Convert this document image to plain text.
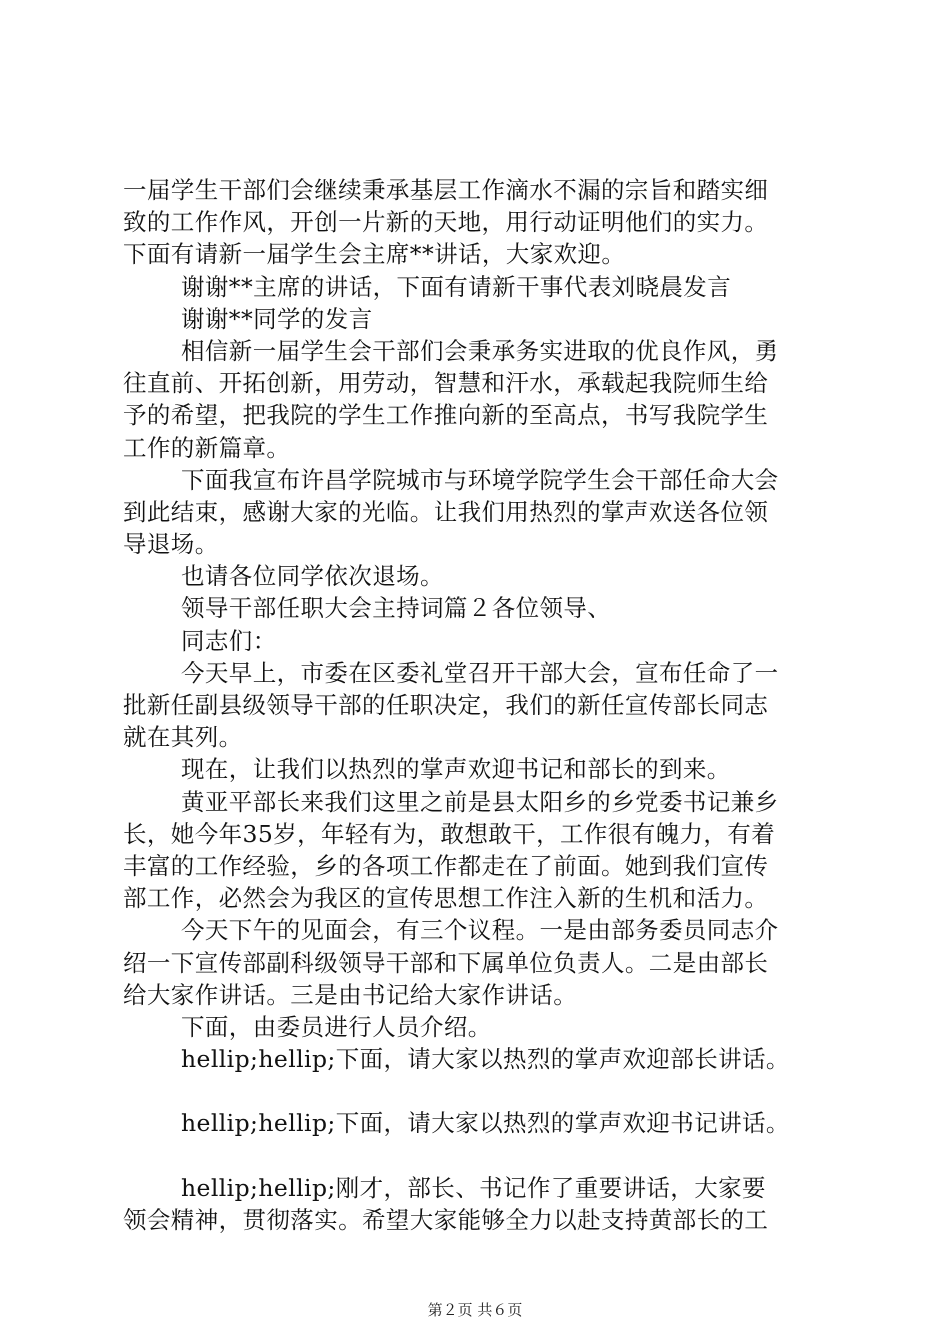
一届学生干部们会继续秉承基层工作滴水不漏的宗旨和踏实细
致的工作作风，开创一片新的天地，用行动证明他们的实力。
下面有请新一届学生会主席**讲话，大家欢迎。
谢谢**主席的讲话，下面有请新干事代表刘晓晨发言
谢谢**同学的发言
相信新一届学生会干部们会秉承务实进取的优良作风，勇
往直前、开拓创新，用劳动，智慧和汗水，承载起我院师生给
予的希望，把我院的学生工作推向新的至高点，书写我院学生
工作的新篇章。
下面我宣布许昌学院城市与环境学院学生会干部任命大会
到此结束，感谢大家的光临。让我们用热烈的掌声欢送各位领
导退场。
也请各位同学依次退场。
领导干部任职大会主持词篇２各位领导、
同志们：
今天早上，市委在区委礼堂召开干部大会，宣布任命了一
批新任副县级领导干部的任职决定，我们的新任宣传部长同志
就在其列。
现在，让我们以热烈的掌声欢迎书记和部长的到来。
黄亚平部长来我们这里之前是县太阳乡的乡党委书记兼乡
长，她今年35岁，年轻有为，敢想敢干，工作很有魄力，有着
丰富的工作经验，乡的各项工作都走在了前面。她到我们宣传
部工作，必然会为我区的宣传思想工作注入新的生机和活力。
今天下午的见面会，有三个议程。一是由部务委员同志介
绍一下宣传部副科级领导干部和下属单位负责人。二是由部长
给大家作讲话。三是由书记给大家作讲话。
下面，由委员进行人员介绍。
hellip;hellip;下面，请大家以热烈的掌声欢迎部长讲话。
hellip;hellip;下面，请大家以热烈的掌声欢迎书记讲话。
hellip;hellip;刚才，部长、书记作了重要讲话，大家要
领会精神，贯彻落实。希望大家能够全力以赴支持黄部长的工
第２页 共６页
